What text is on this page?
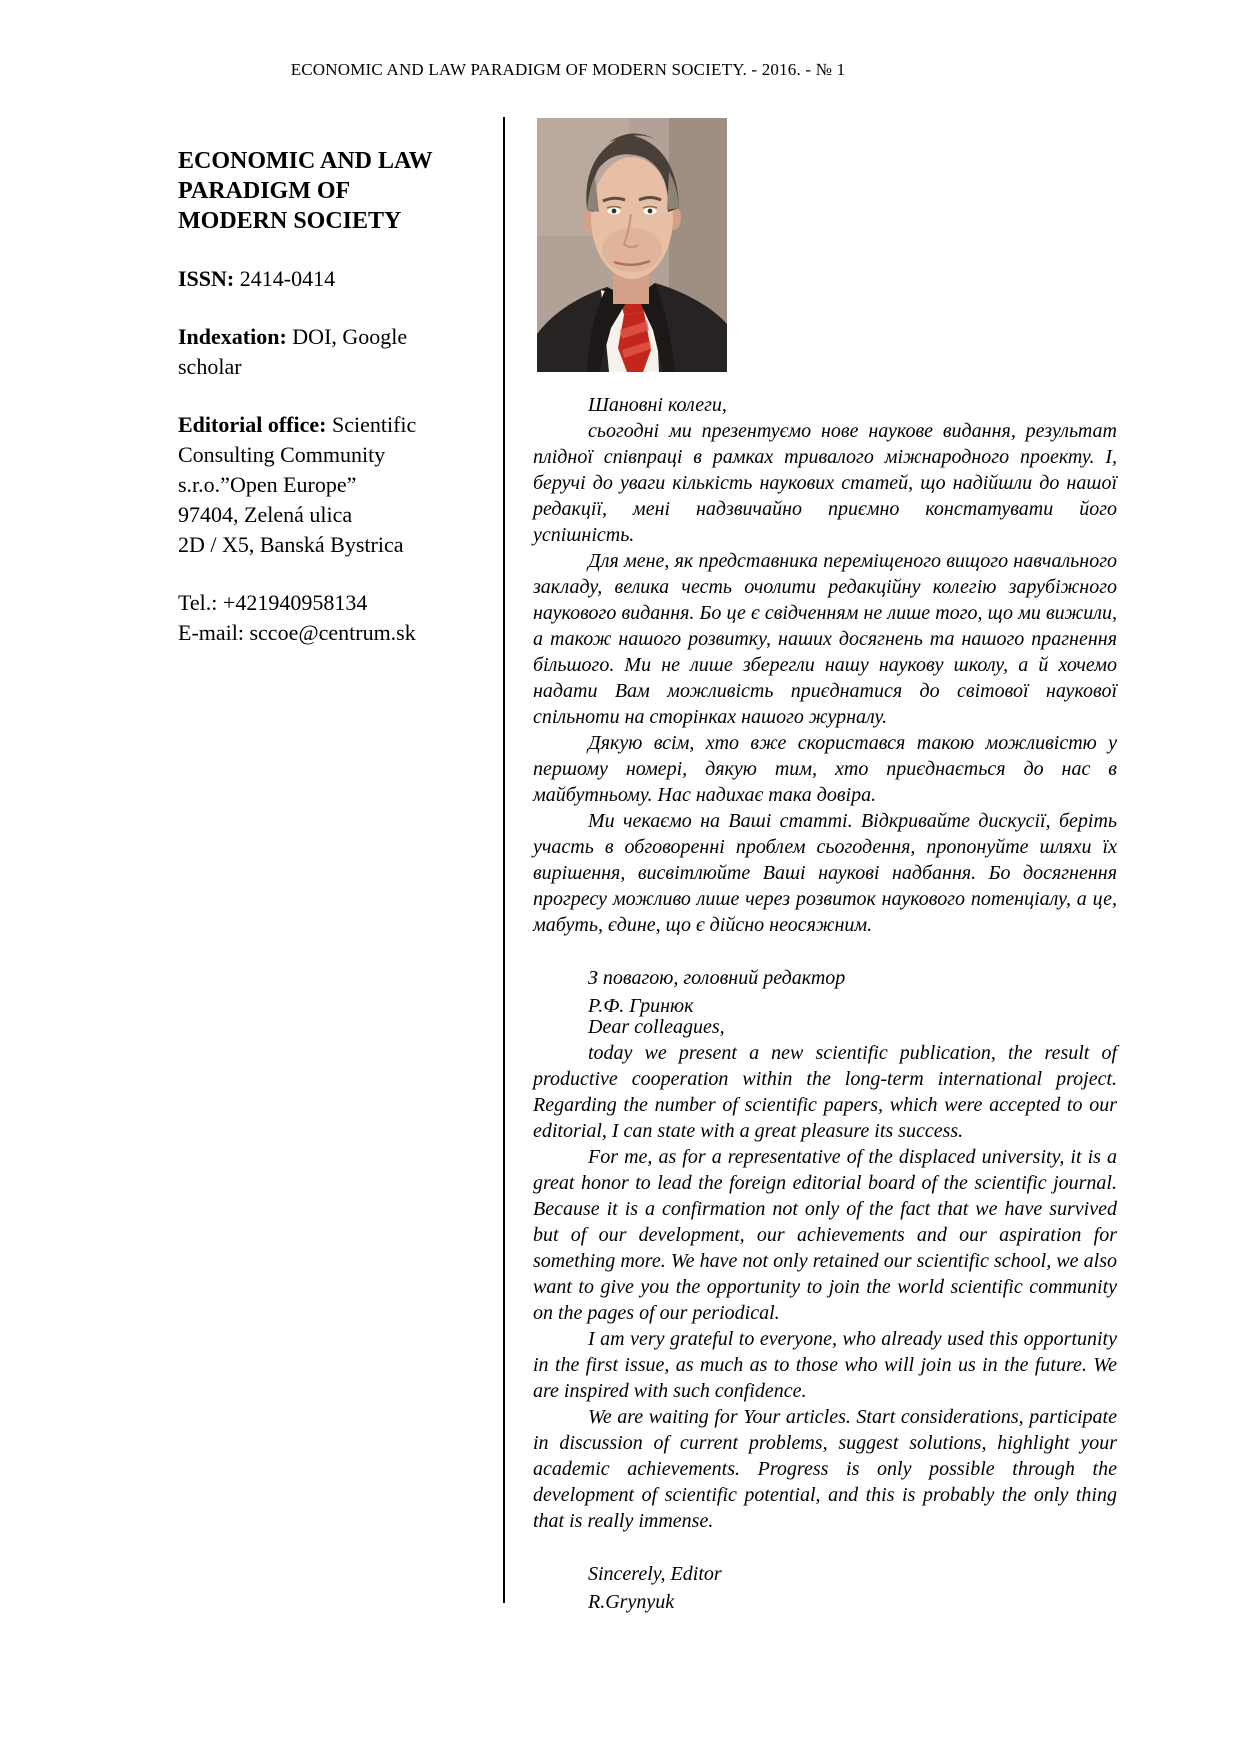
ECONOMIC AND LAW PARADIGM OF MODERN SOCIETY. - 2016. - № 1
ECONOMIC AND LAW
PARADIGM OF
MODERN SOCIETY
ISSN: 2414-0414
Indexation: DOI, Google scholar
Editorial office: Scientific
Consulting Community
s.r.o.”Open Europe”
97404, Zelená ulica
2D / X5, Banská Bystrica
Tel.: +421940958134
E-mail: sccoe@centrum.sk

Шановні колеги,

сьогодні ми презентуємо нове наукове видання, результат плідної співпраці в рамках тривалого міжнародного проекту. І, беручі до уваги кількість наукових статей, що надійшли до нашої редакції, мені надзвичайно приємно констатувати його успішність.

Для мене, як представника переміщеного вищого навчального закладу, велика честь очолити редакційну колегію зарубіжного наукового видання. Бо це є свідченням не лише того, що ми вижили, а також нашого розвитку, наших досягнень та нашого прагнення більшого. Ми не лише зберегли нашу наукову школу, а й хочемо надати Вам можливість приєднатися до світової наукової спільноти на сторінках нашого журналу.

Дякую всім, хто вже скористався такою можливістю у першому номері, дякую тим, хто приєднається до нас в майбутньому. Нас надихає така довіра.

Ми чекаємо на Ваші статті. Відкривайте дискусії, беріть участь в обговоренні проблем сьогодення, пропонуйте шляхи їх вирішення, висвітлюйте Ваші наукові надбання. Бо досягнення прогресу можливо лише через розвиток наукового потенціалу, а це, мабуть, єдине, що є дійсно неосяжним.

З повагою, головний редактор
Р.Ф. Гринюк

Dear colleagues,

today we present a new scientific publication, the result of productive cooperation within the long-term international project. Regarding the number of scientific papers, which were accepted to our editorial, I can state with a great pleasure its success.

For me, as for a representative of the displaced university, it is a great honor to lead the foreign editorial board of the scientific journal. Because it is a confirmation not only of the fact that we have survived but of our development, our achievements and our aspiration for something more. We have not only retained our scientific school, we also want to give you the opportunity to join the world scientific community on the pages of our periodical.

I am very grateful to everyone, who already used this opportunity in the first issue, as much as to those who will join us in the future. We are inspired with such confidence.

We are waiting for Your articles. Start considerations, participate in discussion of current problems, suggest solutions, highlight your academic achievements. Progress is only possible through the development of scientific potential, and this is probably the only thing that is really immense.

Sincerely, Editor
R.Grynyuk
